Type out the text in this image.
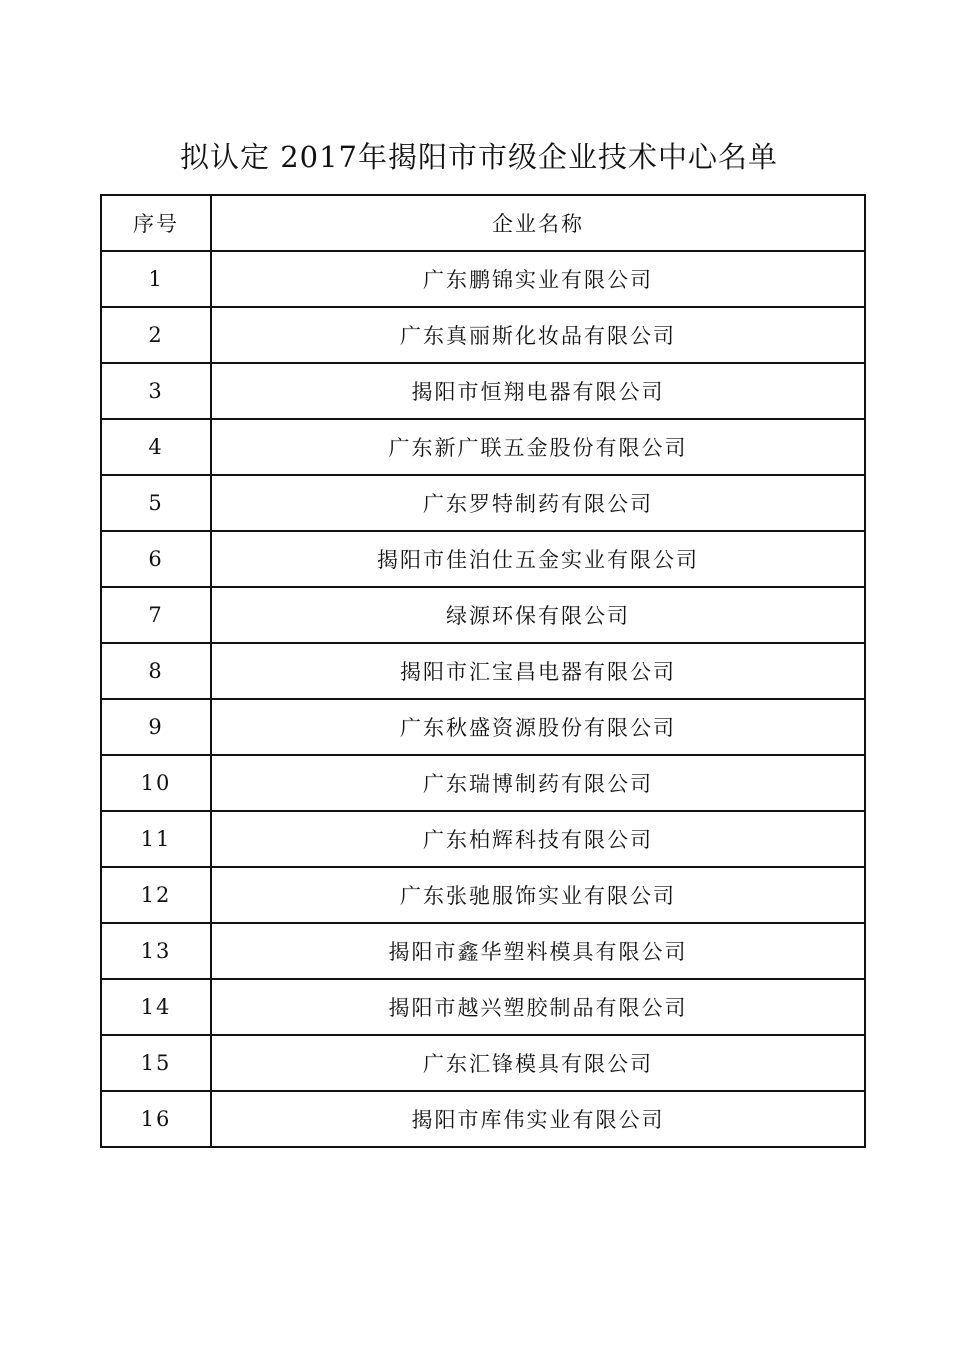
拟认定 2017年揭阳市市级企业技术中心名单
序号	企业名称
1	广东鹏锦实业有限公司
2	广东真丽斯化妆品有限公司
3	揭阳市恒翔电器有限公司
4	广东新广联五金股份有限公司
5	广东罗特制药有限公司
6	揭阳市佳泊仕五金实业有限公司
7	绿源环保有限公司
8	揭阳市汇宝昌电器有限公司
9	广东秋盛资源股份有限公司
10	广东瑞博制药有限公司
11	广东柏辉科技有限公司
12	广东张驰服饰实业有限公司
13	揭阳市鑫华塑料模具有限公司
14	揭阳市越兴塑胶制品有限公司
15	广东汇锋模具有限公司
16	揭阳市库伟实业有限公司
